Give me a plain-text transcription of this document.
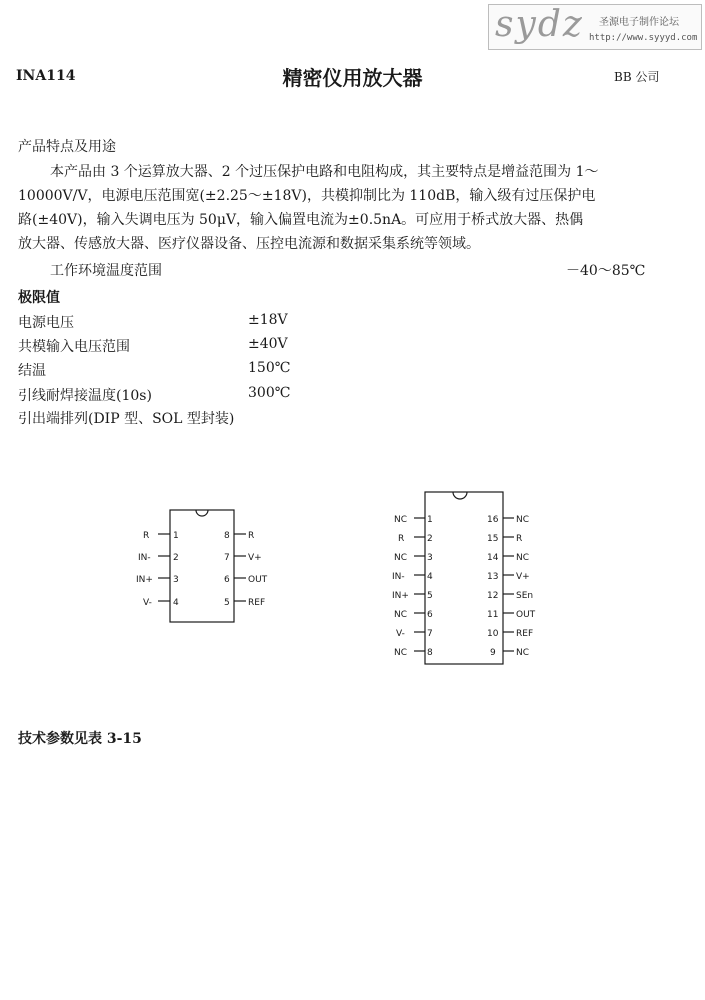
sydz 圣源电子制作论坛
http://www.syyyd.com
INA114	精密仪用放大器	BB 公司
产品特点及用途
本产品由 3 个运算放大器、2 个过压保护电路和电阻构成，其主要特点是增益范围为 1～
10000V/V，电源电压范围宽(±2.25～±18V)，共模抑制比为 110dB，输入级有过压保护电
路(±40V)，输入失调电压为 50μV，输入偏置电流为±0.5nA。可应用于桥式放大器、热偶
放大器、传感放大器、医疗仪器设备、压控电流源和数据采集系统等领域。
工作环境温度范围	－40～85℃
极限值
电源电压	±18V
共模输入电压范围	±40V
结温	150℃
引线耐焊接温度(10s)	300℃
引出端排列(DIP 型、SOL 型封装)
R	1
IN- 2
IN+ 3
V- 4
8 R
7 V+
6 OUT
5 REF
NC 1
R	2
NC 3
IN- 4
IN+ 5
NC 6
V- 7
NC 8
16 NC
15 R
14 NC
13 V+
12 SEn
11 OUT
10 REF
9 NC
技术参数见表 3-15
